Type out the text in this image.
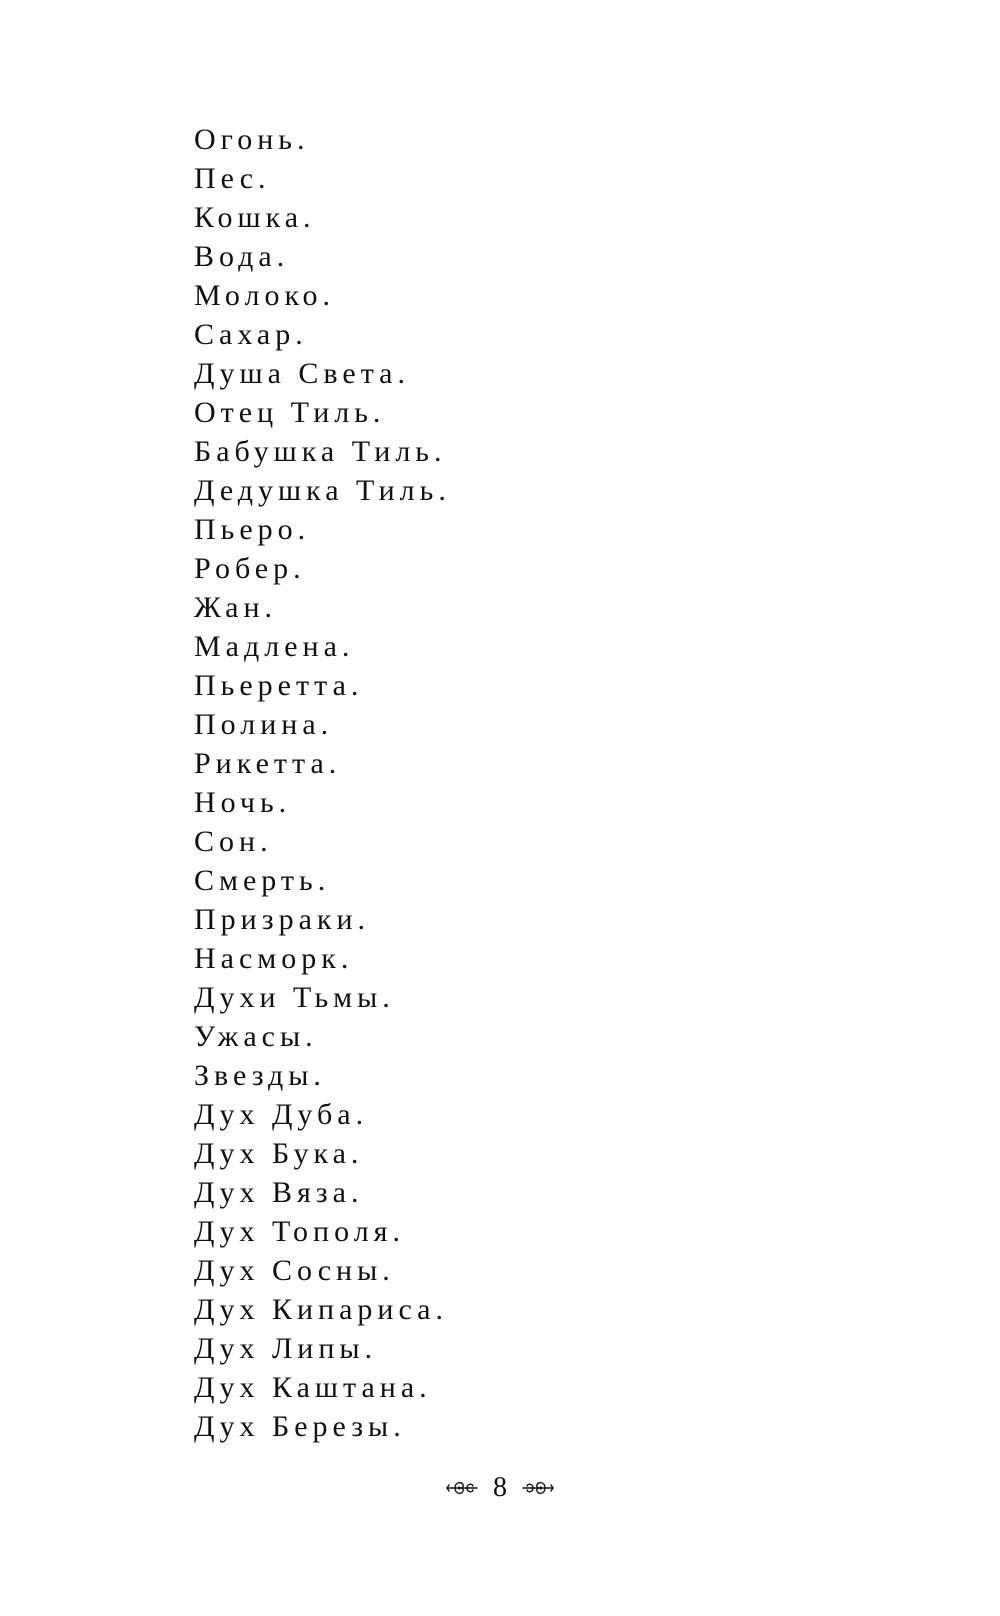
Огонь.
Пес.
Кошка.
Вода.
Молоко.
Сахар.
Душа Света.
Отец Тиль.
Бабушка Тиль.
Дедушка Тиль.
Пьеро.
Робер.
Жан.
Мадлена.
Пьеретта.
Полина.
Рикетта.
Ночь.
Сон.
Смерть.
Призраки.
Насморк.
Духи Тьмы.
Ужасы.
Звезды.
Дух Дуба.
Дух Бука.
Дух Вяза.
Дух Тополя.
Дух Сосны.
Дух Кипариса.
Дух Липы.
Дух Каштана.
Дух Березы.
8
